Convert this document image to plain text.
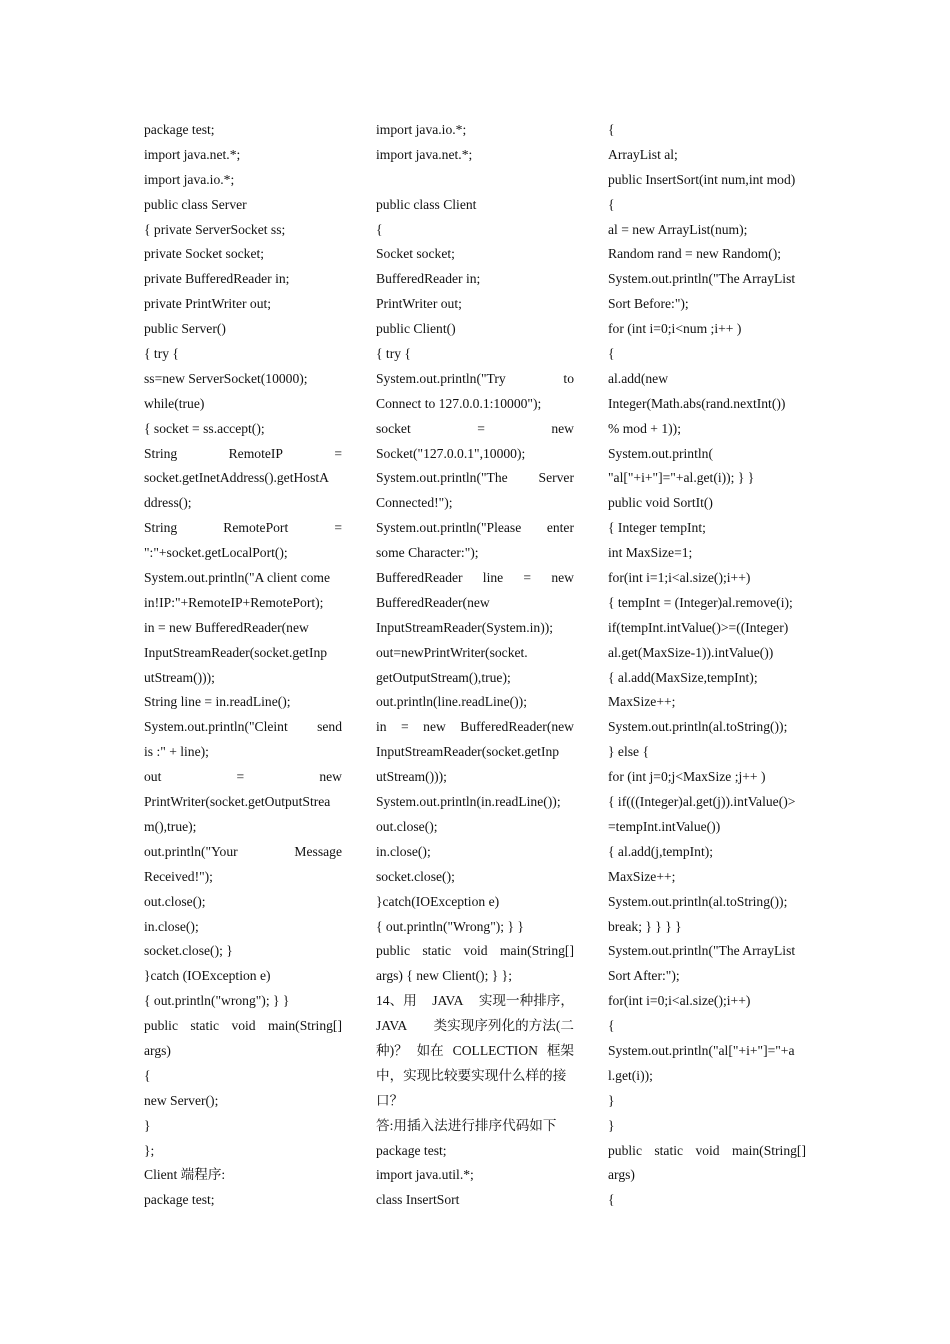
package test;
import java.net.*;
import java.io.*;
public class Server
{ private ServerSocket ss;
private Socket socket;
private BufferedReader in;
private PrintWriter out;
public Server()
{ try {
ss=new ServerSocket(10000);
while(true)
{ socket = ss.accept();
String	RemoteIP	=
socket.getInetAddress().getHostA
ddress();
String	RemotePort	=
":"+socket.getLocalPort();
System.out.println("A client come
in!IP:"+RemoteIP+RemotePort);
in = new BufferedReader(new
InputStreamReader(socket.getInp
utStream()));
String line = in.readLine();
System.out.println("Cleint send
is :" + line);
out	=	new
PrintWriter(socket.getOutputStrea
m(),true);
out.println("Your	Message
Received!");
out.close();
in.close();
socket.close(); }
}catch (IOException e)
{ out.println("wrong"); } }
public static void main(String[]
args)
{
new Server();
}
};
Client 端程序:
package test;
import java.io.*;
import java.net.*;
public class Client
{
Socket socket;
BufferedReader in;
PrintWriter out;
public Client()
{ try {
System.out.println("Try	to
Connect to 127.0.0.1:10000");
socket	=	new
Socket("127.0.0.1",10000);
System.out.println("The Server
Connected!");
System.out.println("Please enter
some Character:");
BufferedReader line = new
BufferedReader(new
InputStreamReader(System.in));
out=newPrintWriter(socket.
getOutputStream(),true);
out.println(line.readLine());
in = new BufferedReader(new
InputStreamReader(socket.getInp
utStream()));
System.out.println(in.readLine());
out.close();
in.close();
socket.close();
}catch(IOException e)
{ out.println("Wrong"); } }
public static void main(String[]
args) { new Client(); } };
14、用 JAVA 实现一种排序，
JAVA 类实现序列化的方法(二
种)？ 如在 COLLECTION 框架
中，实现比较要实现什么样的接
口？
答:用插入法进行排序代码如下
package test;
import java.util.*;
class InsertSort
{
ArrayList al;
public InsertSort(int num,int mod)
{
al = new ArrayList(num);
Random rand = new Random();
System.out.println("The ArrayList
Sort Before:");
for (int i=0;i<num ;i++ )
{
al.add(new
Integer(Math.abs(rand.nextInt())
% mod + 1));
System.out.println(
"al["+i+"]="+al.get(i)); } }
public void SortIt()
{ Integer tempInt;
int MaxSize=1;
for(int i=1;i<al.size();i++)
{ tempInt = (Integer)al.remove(i);
if(tempInt.intValue()>=((Integer)
al.get(MaxSize-1)).intValue())
{ al.add(MaxSize,tempInt);
MaxSize++;
System.out.println(al.toString());
} else {
for (int j=0;j<MaxSize ;j++ )
{ if(((Integer)al.get(j)).intValue()>
=tempInt.intValue())
{ al.add(j,tempInt);
MaxSize++;
System.out.println(al.toString());
break; } } } }
System.out.println("The ArrayList
Sort After:");
for(int i=0;i<al.size();i++)
{
System.out.println("al["+i+"]="+a
l.get(i));
}
}
public static void main(String[]
args)
{
